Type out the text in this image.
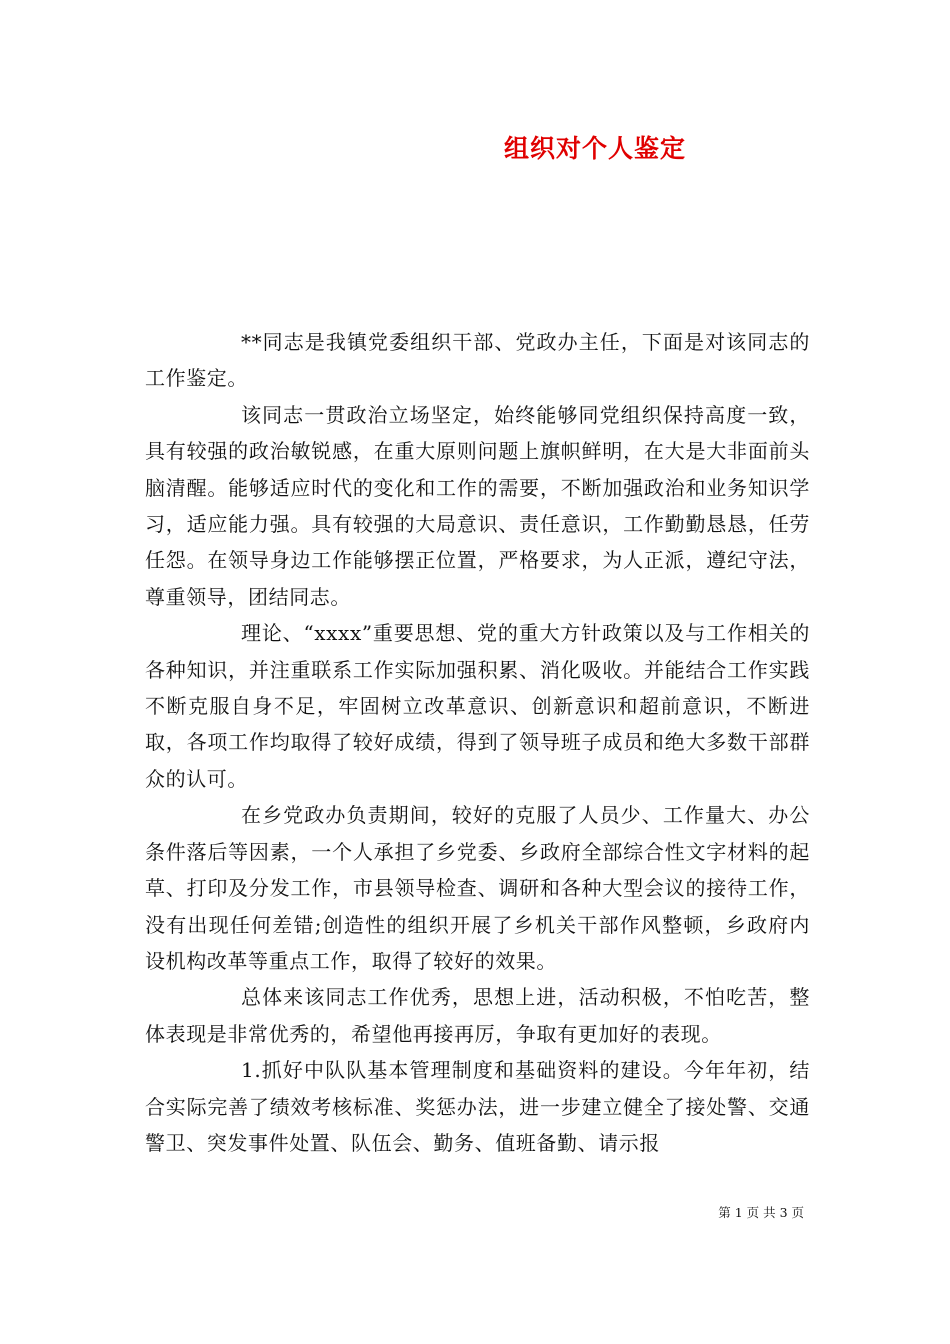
组织对个人鉴定

**同志是我镇党委组织干部、党政办主任，下面是对该同志的工作鉴定。

该同志一贯政治立场坚定，始终能够同党组织保持高度一致，具有较强的政治敏锐感，在重大原则问题上旗帜鲜明，在大是大非面前头脑清醒。能够适应时代的变化和工作的需要，不断加强政治和业务知识学习，适应能力强。具有较强的大局意识、责任意识，工作勤勤恳恳，任劳任怨。在领导身边工作能够摆正位置，严格要求，为人正派，遵纪守法，尊重领导，团结同志。

理论、“xxxx”重要思想、党的重大方针政策以及与工作相关的各种知识，并注重联系工作实际加强积累、消化吸收。并能结合工作实践不断克服自身不足，牢固树立改革意识、创新意识和超前意识，不断进取，各项工作均取得了较好成绩，得到了领导班子成员和绝大多数干部群众的认可。

在乡党政办负责期间，较好的克服了人员少、工作量大、办公条件落后等因素，一个人承担了乡党委、乡政府全部综合性文字材料的起草、打印及分发工作，市县领导检查、调研和各种大型会议的接待工作，没有出现任何差错;创造性的组织开展了乡机关干部作风整顿，乡政府内设机构改革等重点工作，取得了较好的效果。

总体来该同志工作优秀，思想上进，活动积极，不怕吃苦，整体表现是非常优秀的，希望他再接再厉，争取有更加好的表现。

1.抓好中队队基本管理制度和基础资料的建设。今年年初，结合实际完善了绩效考核标准、奖惩办法，进一步建立健全了接处警、交通警卫、突发事件处置、队伍会、勤务、值班备勤、请示报

第 1 页 共 3 页
